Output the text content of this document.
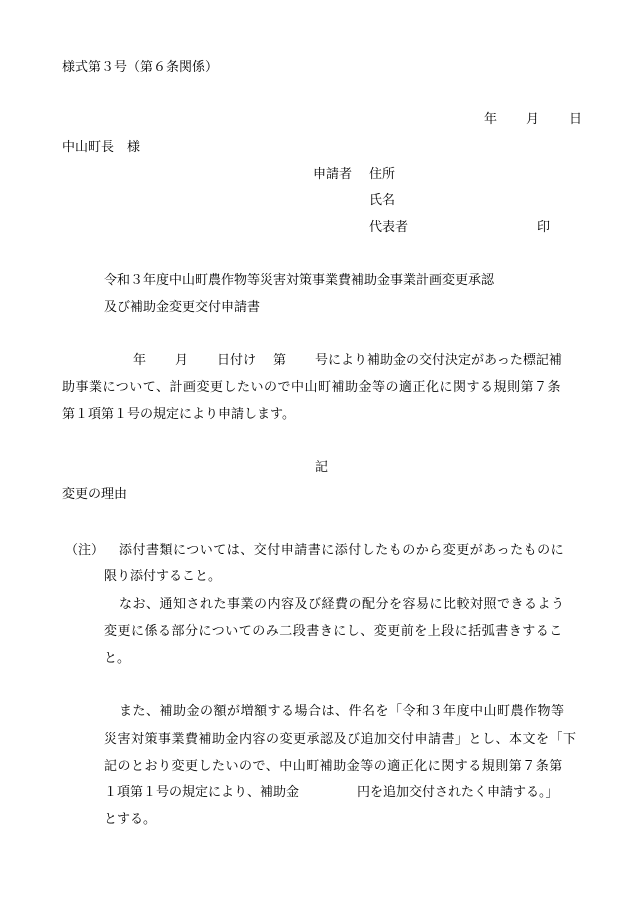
様式第３号（第６条関係）

年 月 日

中山町長　様

申請者 住所

氏名

代表者	印

令和３年度中山町農作物等災害対策事業費補助金事業計画変更承認

及び補助金変更交付申請書

年 月 日付け 第 号により補助金の交付決定があった標記補

助事業について、計画変更したいので中山町補助金等の適正化に関する規則第７条

第１項第１号の規定により申請します。

記

変更の理由

（注） 添付書類については、交付申請書に添付したものから変更があったものに

限り添付すること。

なお、通知された事業の内容及び経費の配分を容易に比較対照できるよう

変更に係る部分についてのみ二段書きにし、変更前を上段に括弧書きするこ

と。

また、補助金の額が増額する場合は、件名を「令和３年度中山町農作物等

災害対策事業費補助金内容の変更承認及び追加交付申請書」とし、本文を「下

記のとおり変更したいので、中山町補助金等の適正化に関する規則第７条第

１項第１号の規定により、補助金	円を追加交付されたく申請する。」

とする。
